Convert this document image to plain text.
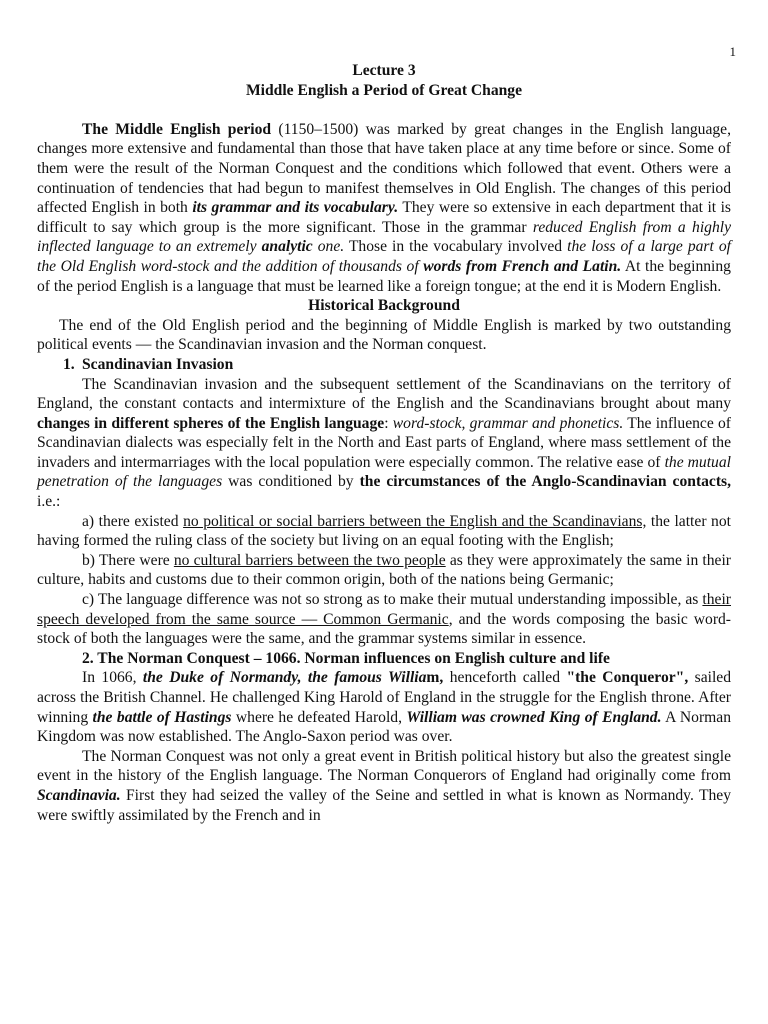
1

Lecture 3

Middle English a Period of Great Change

The Middle English period (1150–1500) was marked by great changes in the English language, changes more extensive and fundamental than those that have taken place at any time before or since. Some of them were the result of the Norman Conquest and the conditions which followed that event. Others were a continuation of tendencies that had begun to manifest themselves in Old English. The changes of this period affected English in both its grammar and its vocabulary. They were so extensive in each department that it is difficult to say which group is the more significant. Those in the grammar reduced English from a highly inflected language to an extremely analytic one. Those in the vocabulary involved the loss of a large part of the Old English word-stock and the addition of thousands of words from French and Latin. At the beginning of the period English is a language that must be learned like a foreign tongue; at the end it is Modern English.

Historical Background

The end of the Old English period and the beginning of Middle English is marked by two outstanding political events — the Scandinavian invasion and the Norman conquest.

1. Scandinavian Invasion

The Scandinavian invasion and the subsequent settlement of the Scandinavians on the territory of England, the constant contacts and intermixture of the English and the Scandinavians brought about many changes in different spheres of the English language: word-stock, grammar and phonetics. The influence of Scandinavian dialects was especially felt in the North and East parts of England, where mass settlement of the invaders and intermarriages with the local population were especially common. The relative ease of the mutual penetration of the languages was conditioned by the circumstances of the Anglo-Scandinavian contacts, i.e.:

a) there existed no political or social barriers between the English and the Scandinavians, the latter not having formed the ruling class of the society but living on an equal footing with the English;

b) There were no cultural barriers between the two people as they were approximately the same in their culture, habits and customs due to their common origin, both of the nations being Germanic;

c) The language difference was not so strong as to make their mutual understanding impossible, as their speech developed from the same source — Common Germanic, and the words composing the basic word-stock of both the languages were the same, and the grammar systems similar in essence.

2. The Norman Conquest – 1066. Norman influences on English culture and life

In 1066, the Duke of Normandy, the famous William, henceforth called "the Conqueror", sailed across the British Channel. He challenged King Harold of England in the struggle for the English throne. After winning the battle of Hastings where he defeated Harold, William was crowned King of England. A Norman Kingdom was now established. The Anglo-Saxon period was over.

The Norman Conquest was not only a great event in British political history but also the greatest single event in the history of the English language. The Norman Conquerors of England had originally come from Scandinavia. First they had seized the valley of the Seine and settled in what is known as Normandy. They were swiftly assimilated by the French and in
